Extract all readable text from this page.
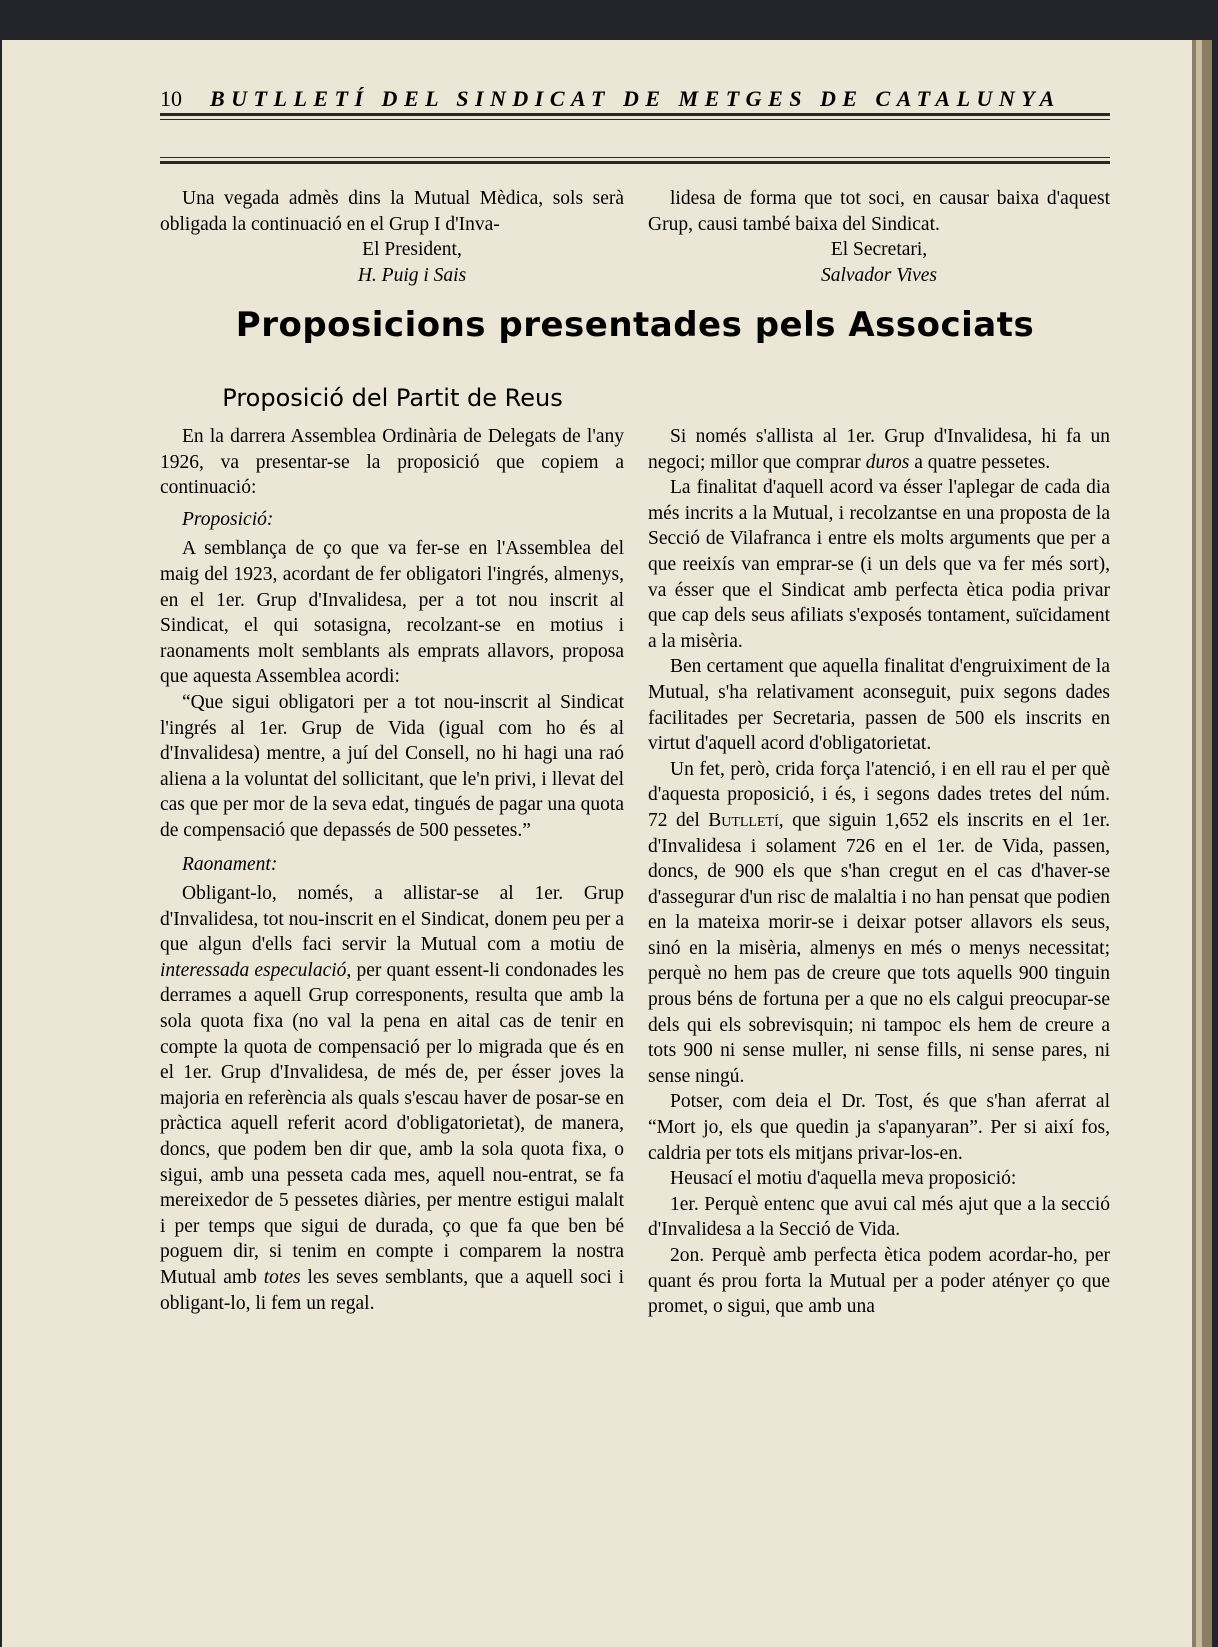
10 BUTLLETÍ DEL SINDICAT DE METGES DE CATALUNYA

Una vegada admès dins la Mutual Mèdica, sols serà obligada la continuació en el Grup I d'Inva-

El President,
H. Puig i Sais

lidesa de forma que tot soci, en causar baixa d'aquest Grup, causi també baixa del Sindicat.

El Secretari,
Salvador Vives
Proposicions presentades pels Associats
Proposició del Partit de Reus

En la darrera Assemblea Ordinària de Delegats de l'any 1926, va presentar-se la proposició que copiem a continuació:

Proposició:

A semblança de ço que va fer-se en l'Assemblea del maig del 1923, acordant de fer obligatori l'ingrés, almenys, en el 1er. Grup d'Invalidesa, per a tot nou inscrit al Sindicat, el qui sotasigna, recolzant-se en motius i raonaments molt semblants als emprats allavors, proposa que aquesta Assemblea acordi:

“Que sigui obligatori per a tot nou-inscrit al Sindicat l'ingrés al 1er. Grup de Vida (igual com ho és al d'Invalidesa) mentre, a juí del Consell, no hi hagi una raó aliena a la voluntat del sollicitant, que le'n privi, i llevat del cas que per mor de la seva edat, tingués de pagar una quota de compensació que depassés de 500 pessetes.”

Raonament:

Obligant-lo, només, a allistar-se al 1er. Grup d'Invalidesa, tot nou-inscrit en el Sindicat, donem peu per a que algun d'ells faci servir la Mutual com a motiu de interessada especulació, per quant essent-li condonades les derrames a aquell Grup corresponents, resulta que amb la sola quota fixa (no val la pena en aital cas de tenir en compte la quota de compensació per lo migrada que és en el 1er. Grup d'Invalidesa, de més de, per ésser joves la majoria en referència als quals s'escau haver de posar-se en pràctica aquell referit acord d'obligatorietat), de manera, doncs, que podem ben dir que, amb la sola quota fixa, o sigui, amb una pesseta cada mes, aquell nou-entrat, se fa mereixedor de 5 pessetes diàries, per mentre estigui malalt i per temps que sigui de durada, ço que fa que ben bé poguem dir, si tenim en compte i comparem la nostra Mutual amb totes les seves semblants, que a aquell soci i obligant-lo, li fem un regal.

Si només s'allista al 1er. Grup d'Invalidesa, hi fa un negoci; millor que comprar duros a quatre pessetes.

La finalitat d'aquell acord va ésser l'aplegar de cada dia més incrits a la Mutual, i recolzantse en una proposta de la Secció de Vilafranca i entre els molts arguments que per a que reeixís van emprar-se (i un dels que va fer més sort), va ésser que el Sindicat amb perfecta ètica podia privar que cap dels seus afiliats s'exposés tontament, suïcidament a la misèria.

Ben certament que aquella finalitat d'engruiximent de la Mutual, s'ha relativament aconseguit, puix segons dades facilitades per Secretaria, passen de 500 els inscrits en virtut d'aquell acord d'obligatorietat.

Un fet, però, crida força l'atenció, i en ell rau el per què d'aquesta proposició, i és, i segons dades tretes del núm. 72 del Butlletí, que siguin 1,652 els inscrits en el 1er. d'Invalidesa i solament 726 en el 1er. de Vida, passen, doncs, de 900 els que s'han cregut en el cas d'haver-se d'assegurar d'un risc de malaltia i no han pensat que podien en la mateixa morir-se i deixar potser allavors els seus, sinó en la misèria, almenys en més o menys necessitat; perquè no hem pas de creure que tots aquells 900 tinguin prous béns de fortuna per a que no els calgui preocupar-se dels qui els sobrevisquin; ni tampoc els hem de creure a tots 900 ni sense muller, ni sense fills, ni sense pares, ni sense ningú.

Potser, com deia el Dr. Tost, és que s'han aferrat al “Mort jo, els que quedin ja s'apanyaran”. Per si així fos, caldria per tots els mitjans privar-los-en.

Heusací el motiu d'aquella meva proposició:

1er. Perquè entenc que avui cal més ajut que a la secció d'Invalidesa a la Secció de Vida.

2on. Perquè amb perfecta ètica podem acordar-ho, per quant és prou forta la Mutual per a poder atényer ço que promet, o sigui, que amb una
